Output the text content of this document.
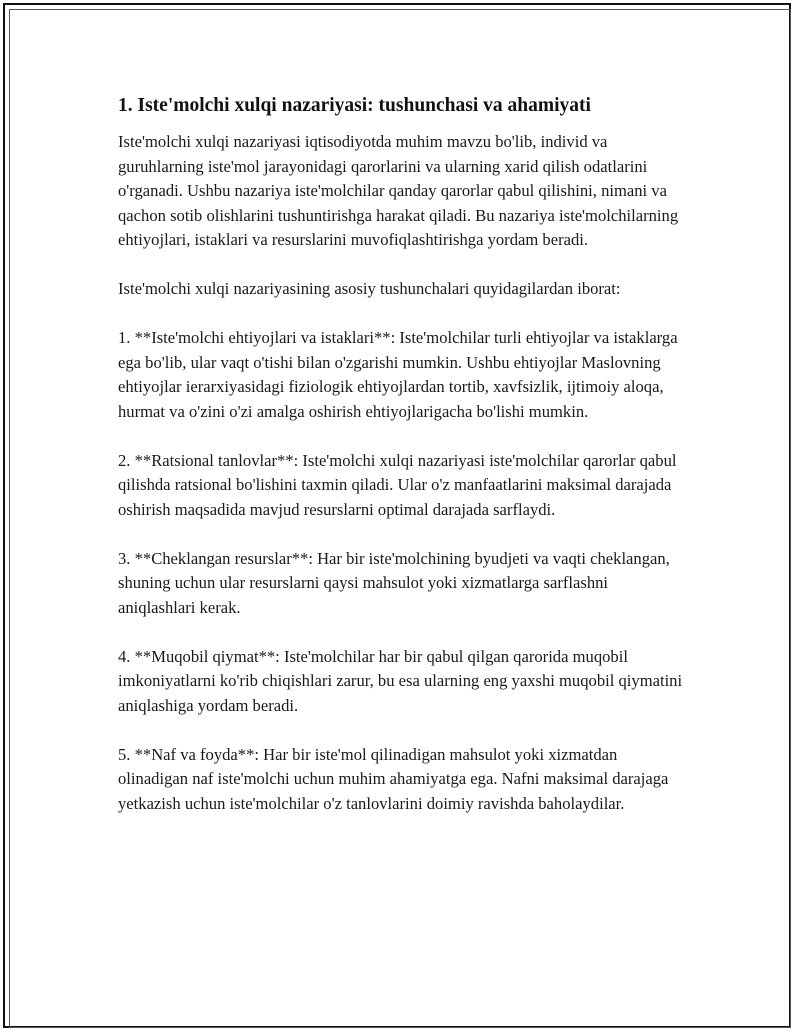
1. Iste'molchi xulqi nazariyasi: tushunchasi va ahamiyati

Iste'molchi xulqi nazariyasi iqtisodiyotda muhim mavzu bo'lib, individ va guruhlarning iste'mol jarayonidagi qarorlarini va ularning xarid qilish odatlarini o'rganadi. Ushbu nazariya iste'molchilar qanday qarorlar qabul qilishini, nimani va qachon sotib olishlarini tushuntirishga harakat qiladi. Bu nazariya iste'molchilarning ehtiyojlari, istaklari va resurslarini muvofiqlashtirishga yordam beradi.

Iste'molchi xulqi nazariyasining asosiy tushunchalari quyidagilardan iborat:

1. **Iste'molchi ehtiyojlari va istaklari**: Iste'molchilar turli ehtiyojlar va istaklarga ega bo'lib, ular vaqt o'tishi bilan o'zgarishi mumkin. Ushbu ehtiyojlar Maslovning ehtiyojlar ierarxiyasidagi fiziologik ehtiyojlardan tortib, xavfsizlik, ijtimoiy aloqa, hurmat va o'zini o'zi amalga oshirish ehtiyojlarigacha bo'lishi mumkin.

2. **Ratsional tanlovlar**: Iste'molchi xulqi nazariyasi iste'molchilar qarorlar qabul qilishda ratsional bo'lishini taxmin qiladi. Ular o'z manfaatlarini maksimal darajada oshirish maqsadida mavjud resurslarni optimal darajada sarflaydi.

3. **Cheklangan resurslar**: Har bir iste'molchining byudjeti va vaqti cheklangan, shuning uchun ular resurslarni qaysi mahsulot yoki xizmatlarga sarflashni aniqlashlari kerak.

4. **Muqobil qiymat**: Iste'molchilar har bir qabul qilgan qarorida muqobil imkoniyatlarni ko'rib chiqishlari zarur, bu esa ularning eng yaxshi muqobil qiymatini aniqlashiga yordam beradi.

5. **Naf va foyda**: Har bir iste'mol qilinadigan mahsulot yoki xizmatdan olinadigan naf iste'molchi uchun muhim ahamiyatga ega. Nafni maksimal darajaga yetkazish uchun iste'molchilar o'z tanlovlarini doimiy ravishda baholaydilar.
